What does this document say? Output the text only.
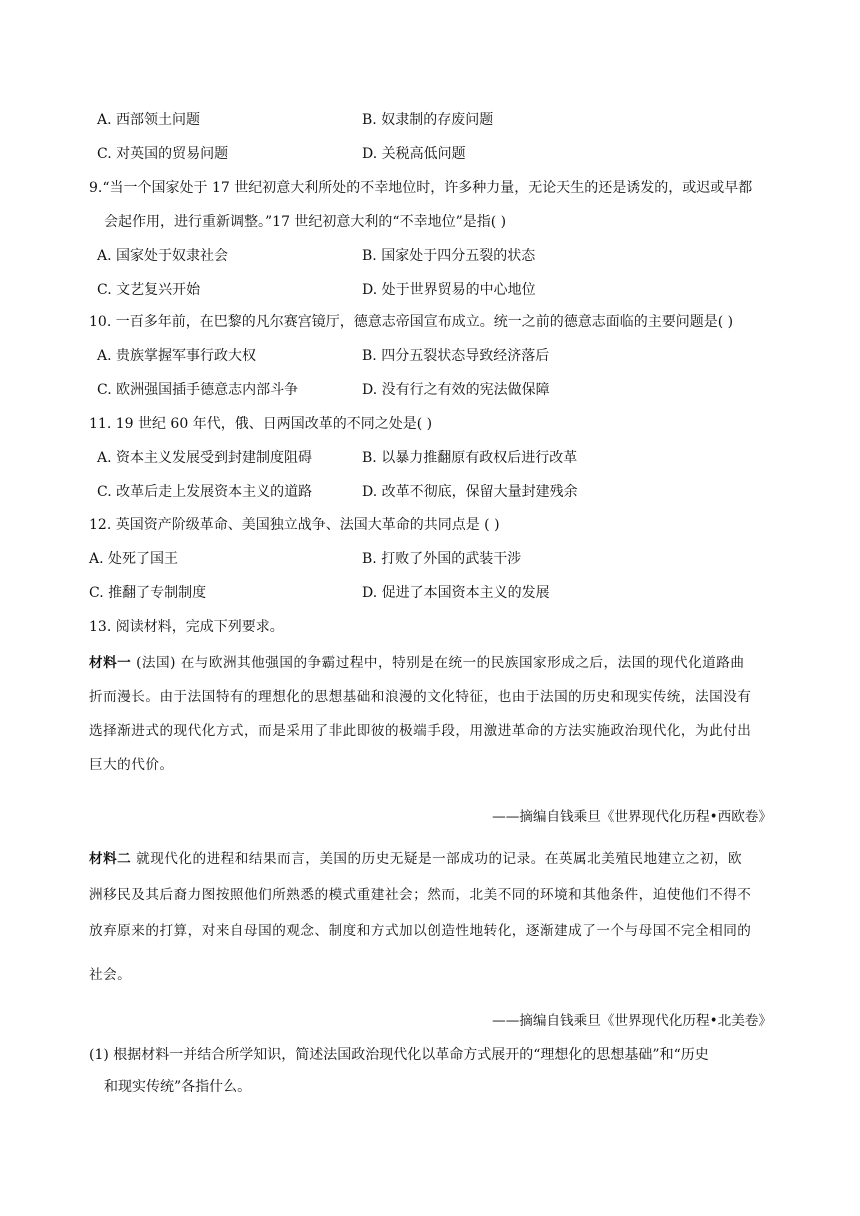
A. 西部领土问题	B. 奴隶制的存废问题
C. 对英国的贸易问题	D. 关税高低问题
9.“当一个国家处于 17 世纪初意大利所处的不幸地位时，许多种力量，无论天生的还是诱发的，或迟或早都
会起作用，进行重新调整。”17 世纪初意大利的“不幸地位”是指( )
A. 国家处于奴隶社会	B. 国家处于四分五裂的状态
C. 文艺复兴开始	D. 处于世界贸易的中心地位
10. 一百多年前，在巴黎的凡尔赛宫镜厅，德意志帝国宣布成立。统一之前的德意志面临的主要问题是( )
A. 贵族掌握军事行政大权	B. 四分五裂状态导致经济落后
C. 欧洲强国插手德意志内部斗争	D. 没有行之有效的宪法做保障
11. 19 世纪 60 年代，俄、日两国改革的不同之处是( )
A. 资本主义发展受到封建制度阻碍	B. 以暴力推翻原有政权后进行改革
C. 改革后走上发展资本主义的道路	D. 改革不彻底，保留大量封建残余
12. 英国资产阶级革命、美国独立战争、法国大革命的共同点是 ( )
A. 处死了国王	B. 打败了外国的武装干涉
C. 推翻了专制制度	D. 促进了本国资本主义的发展
13. 阅读材料，完成下列要求。
材料一 (法国) 在与欧洲其他强国的争霸过程中，特别是在统一的民族国家形成之后，法国的现代化道路曲
折而漫长。由于法国特有的理想化的思想基础和浪漫的文化特征，也由于法国的历史和现实传统，法国没有
选择渐进式的现代化方式，而是采用了非此即彼的极端手段，用激进革命的方法实施政治现代化，为此付出
巨大的代价。
——摘编自钱乘旦《世界现代化历程•西欧卷》
材料二 就现代化的进程和结果而言，美国的历史无疑是一部成功的记录。在英属北美殖民地建立之初，欧
洲移民及其后裔力图按照他们所熟悉的模式重建社会；然而，北美不同的环境和其他条件，迫使他们不得不
放弃原来的打算，对来自母国的观念、制度和方式加以创造性地转化，逐渐建成了一个与母国不完全相同的
社会。
——摘编自钱乘旦《世界现代化历程•北美卷》
(1) 根据材料一并结合所学知识，简述法国政治现代化以革命方式展开的“理想化的思想基础”和“历史
和现实传统”各指什么。
